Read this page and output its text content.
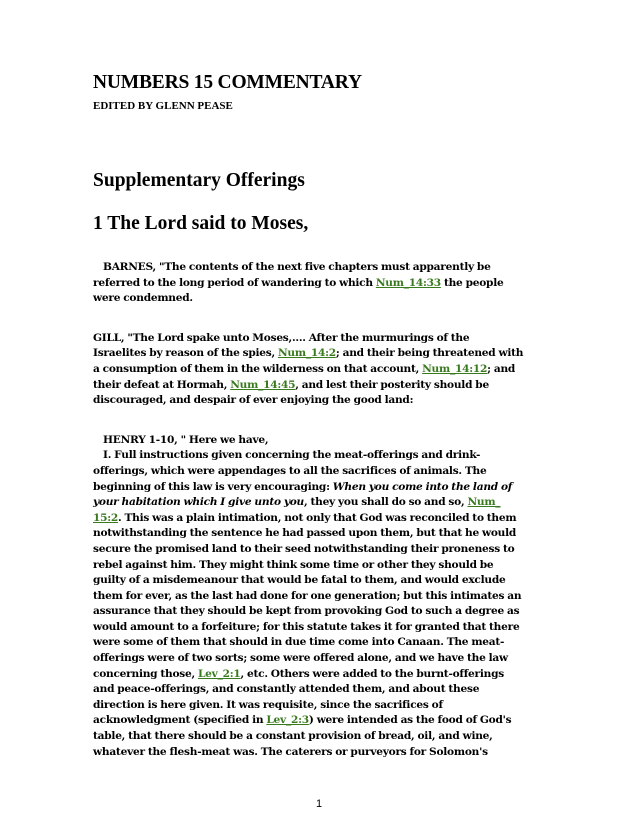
NUMBERS 15 COMMENTARY
EDITED BY GLENN PEASE
Supplementary Offerings
1 The Lord said to Moses,

BARNES, "The contents of the next five chapters must apparently be
referred to the long period of wandering to which Num_14:33 the people
were condemned.

GILL, "The Lord spake unto Moses,.... After the murmurings of the
Israelites by reason of the spies, Num_14:2; and their being threatened with
a consumption of them in the wilderness on that account, Num_14:12; and
their defeat at Hormah, Num_14:45, and lest their posterity should be
discouraged, and despair of ever enjoying the good land:

HENRY 1-10, " Here we have,

I. Full instructions given concerning the meat-offerings and drink-
offerings, which were appendages to all the sacrifices of animals. The
beginning of this law is very encouraging: When you come into the land of
your habitation which I give unto you, they you shall do so and so, Num_
15:2. This was a plain intimation, not only that God was reconciled to them
notwithstanding the sentence he had passed upon them, but that he would
secure the promised land to their seed notwithstanding their proneness to
rebel against him. They might think some time or other they should be
guilty of a misdemeanour that would be fatal to them, and would exclude
them for ever, as the last had done for one generation; but this intimates an
assurance that they should be kept from provoking God to such a degree as
would amount to a forfeiture; for this statute takes it for granted that there
were some of them that should in due time come into Canaan. The meat-
offerings were of two sorts; some were offered alone, and we have the law
concerning those, Lev_2:1, etc. Others were added to the burnt-offerings
and peace-offerings, and constantly attended them, and about these
direction is here given. It was requisite, since the sacrifices of
acknowledgment (specified in Lev_2:3) were intended as the food of God's
table, that there should be a constant provision of bread, oil, and wine,
whatever the flesh-meat was. The caterers or purveyors for Solomon's

1
